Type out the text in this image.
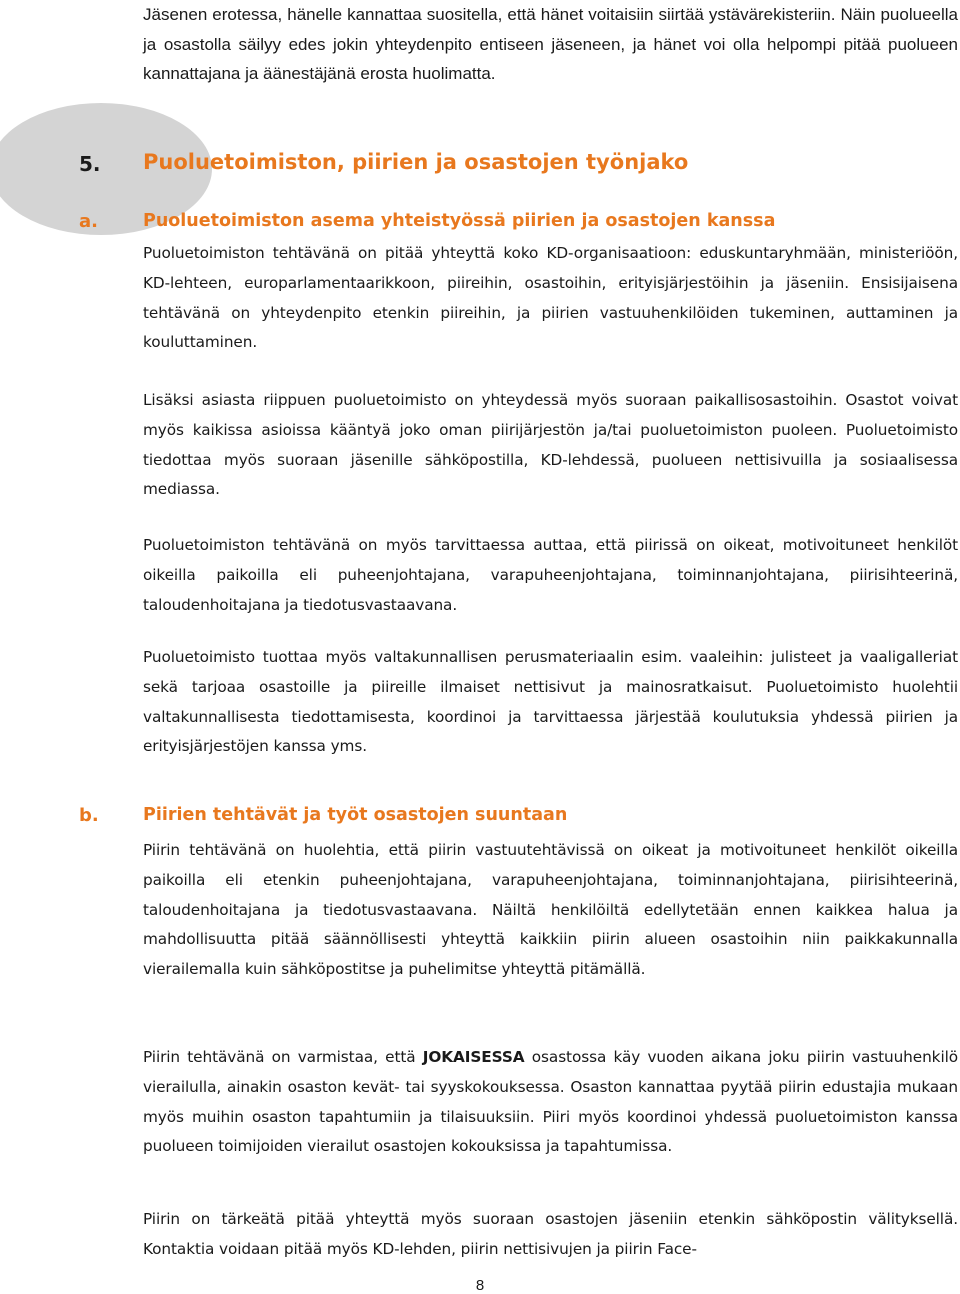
Jäsenen erotessa, hänelle kannattaa suositella, että hänet voitaisiin siirtää ystävärekisteriin. Näin puolueella ja osastolla säilyy edes jokin yhteydenpito entiseen jäseneen, ja hänet voi olla helpompi pitää puolueen kannattajana ja äänestäjänä erosta huolimatta.

5. Puoluetoimiston, piirien ja osastojen työnjako
a.	Puoluetoimiston asema yhteistyössä piirien ja osastojen kanssa

Puoluetoimiston tehtävänä on pitää yhteyttä koko KD-organisaatioon: eduskuntaryhmään, ministeriöön, KD-lehteen, europarlamentaarikkoon, piireihin, osastoihin, erityisjärjestöihin ja jäseniin. Ensisijaisena tehtävänä on yhteydenpito etenkin piireihin, ja piirien vastuuhenkilöiden tukeminen, auttaminen ja kouluttaminen.

Lisäksi asiasta riippuen puoluetoimisto on yhteydessä myös suoraan paikallisosastoihin. Osastot voivat myös kaikissa asioissa kääntyä joko oman piirijärjestön ja/tai puoluetoimiston puoleen. Puoluetoimisto tiedottaa myös suoraan jäsenille sähköpostilla, KD-lehdessä, puolueen nettisivuilla ja sosiaalisessa mediassa.

Puoluetoimiston tehtävänä on myös tarvittaessa auttaa, että piirissä on oikeat, motivoituneet henkilöt oikeilla paikoilla eli puheenjohtajana, varapuheenjohtajana, toiminnanjohtajana, piirisihteerinä, taloudenhoitajana ja tiedotusvastaavana.

Puoluetoimisto tuottaa myös valtakunnallisen perusmateriaalin esim. vaaleihin: julisteet ja vaaligalleriat sekä tarjoaa osastoille ja piireille ilmaiset nettisivut ja mainosratkaisut. Puoluetoimisto huolehtii valtakunnallisesta tiedottamisesta, koordinoi ja tarvittaessa järjestää koulutuksia yhdessä piirien ja erityisjärjestöjen kanssa yms.

b.	Piirien tehtävät ja työt osastojen suuntaan

Piirin tehtävänä on huolehtia, että piirin vastuutehtävissä on oikeat ja motivoituneet henkilöt oikeilla paikoilla eli etenkin puheenjohtajana, varapuheenjohtajana, toiminnanjohtajana, piirisihteerinä, taloudenhoitajana ja tiedotusvastaavana. Näiltä henkilöiltä edellytetään ennen kaikkea halua ja mahdollisuutta pitää säännöllisesti yhteyttä kaikkiin piirin alueen osastoihin niin paikkakunnalla vierailemalla kuin sähköpostitse ja puhelimitse yhteyttä pitämällä.

Piirin tehtävänä on varmistaa, että JOKAISESSA osastossa käy vuoden aikana joku piirin vastuuhenkilö vierailulla, ainakin osaston kevät- tai syyskokouksessa. Osaston kannattaa pyytää piirin edustajia mukaan myös muihin osaston tapahtumiin ja tilaisuuksiin. Piiri myös koordinoi yhdessä puoluetoimiston kanssa puolueen toimijoiden vierailut osastojen kokouksissa ja tapahtumissa.

Piirin on tärkeätä pitää yhteyttä myös suoraan osastojen jäseniin etenkin sähköpostin välityksellä. Kontaktia voidaan pitää myös KD-lehden, piirin nettisivujen ja piirin Face-

8
